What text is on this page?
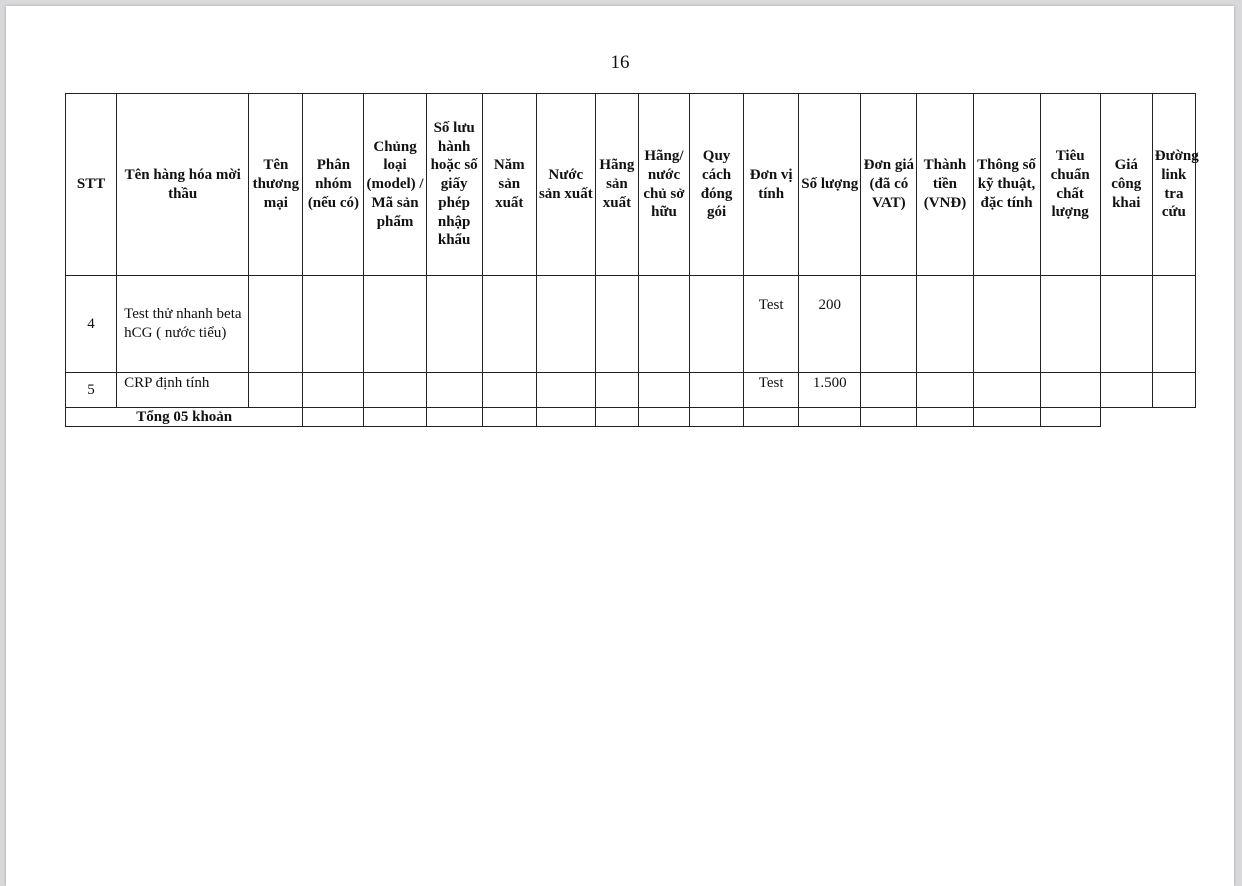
16
STT	Tên hàng hóa mời thầu	Tên thương mại	Phân nhóm (nếu có)	Chủng loại (model) / Mã sản phẩm	Số lưu hành hoặc số giấy phép nhập khẩu	Năm sản xuất	Nước sản xuất	Hãng sản xuất	Hãng/ nước chủ sở hữu	Quy cách đóng gói	Đơn vị tính	Số lượng	Đơn giá (đã có VAT)	Thành tiền (VNĐ)	Thông số kỹ thuật, đặc tính	Tiêu chuẩn chất lượng	Giá công khai	Đường link tra cứu
4	Test thử nhanh beta hCG ( nước tiểu)										Test	200						
5	CRP định tính										Test	1.500						
Tổng 05 khoản																		
